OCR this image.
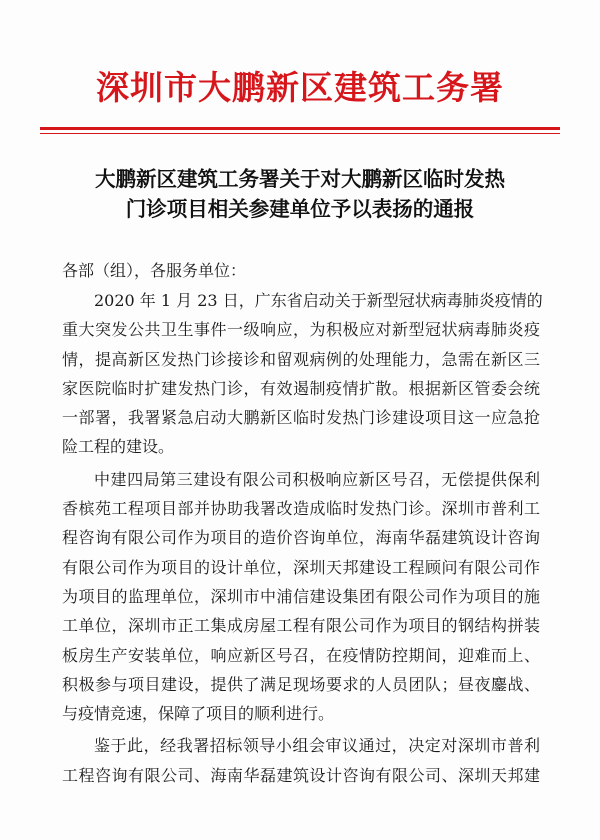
深圳市大鹏新区建筑工务署
大鹏新区建筑工务署关于对大鹏新区临时发热
门诊项目相关参建单位予以表扬的通报
各部（组），各服务单位：
2020 年 1 月 23 日，广东省启动关于新型冠状病毒肺炎疫情的
重大突发公共卫生事件一级响应，为积极应对新型冠状病毒肺炎疫
情，提高新区发热门诊接诊和留观病例的处理能力，急需在新区三
家医院临时扩建发热门诊，有效遏制疫情扩散。根据新区管委会统
一部署，我署紧急启动大鹏新区临时发热门诊建设项目这一应急抢
险工程的建设。
中建四局第三建设有限公司积极响应新区号召，无偿提供保利
香槟苑工程项目部并协助我署改造成临时发热门诊。深圳市普利工
程咨询有限公司作为项目的造价咨询单位，海南华磊建筑设计咨询
有限公司作为项目的设计单位，深圳天邦建设工程顾问有限公司作
为项目的监理单位，深圳市中浦信建设集团有限公司作为项目的施
工单位，深圳市正工集成房屋工程有限公司作为项目的钢结构拼装
板房生产安装单位，响应新区号召，在疫情防控期间，迎难而上、
积极参与项目建设，提供了满足现场要求的人员团队；昼夜鏖战、
与疫情竞速，保障了项目的顺利进行。
鉴于此，经我署招标领导小组会审议通过，决定对深圳市普利
工程咨询有限公司、海南华磊建筑设计咨询有限公司、深圳天邦建
